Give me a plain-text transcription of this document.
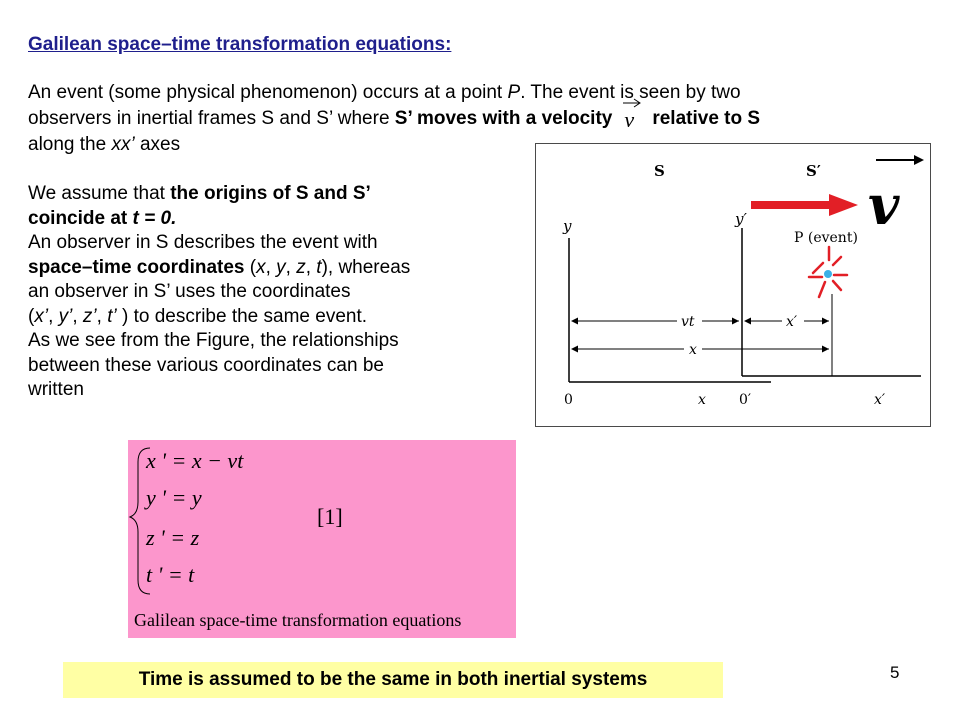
Galilean space–time transformation equations:
An event (some physical phenomenon) occurs at a point P. The event is seen by two
observers in inertial frames S and S’ where S’ moves with a velocity v relative to S
along the xx’ axes
We assume that the origins of S and S’
coincide at t = 0.
An observer in S describes the event with
space–time coordinates (x, y, z, t), whereas
an observer in S’ uses the coordinates
(x’, y’, z’, t’ ) to describe the same event.
As we see from the Figure, the relationships
between these various coordinates can be
written
S	S′
v
P (event)
y	y′
vt	x′
x
0	x 0′	x′
x ' = x − vt
y ' = y
z ' = z
t ' = t
[1]
Galilean space-time transformation equations
Time is assumed to be the same in both inertial systems	5
